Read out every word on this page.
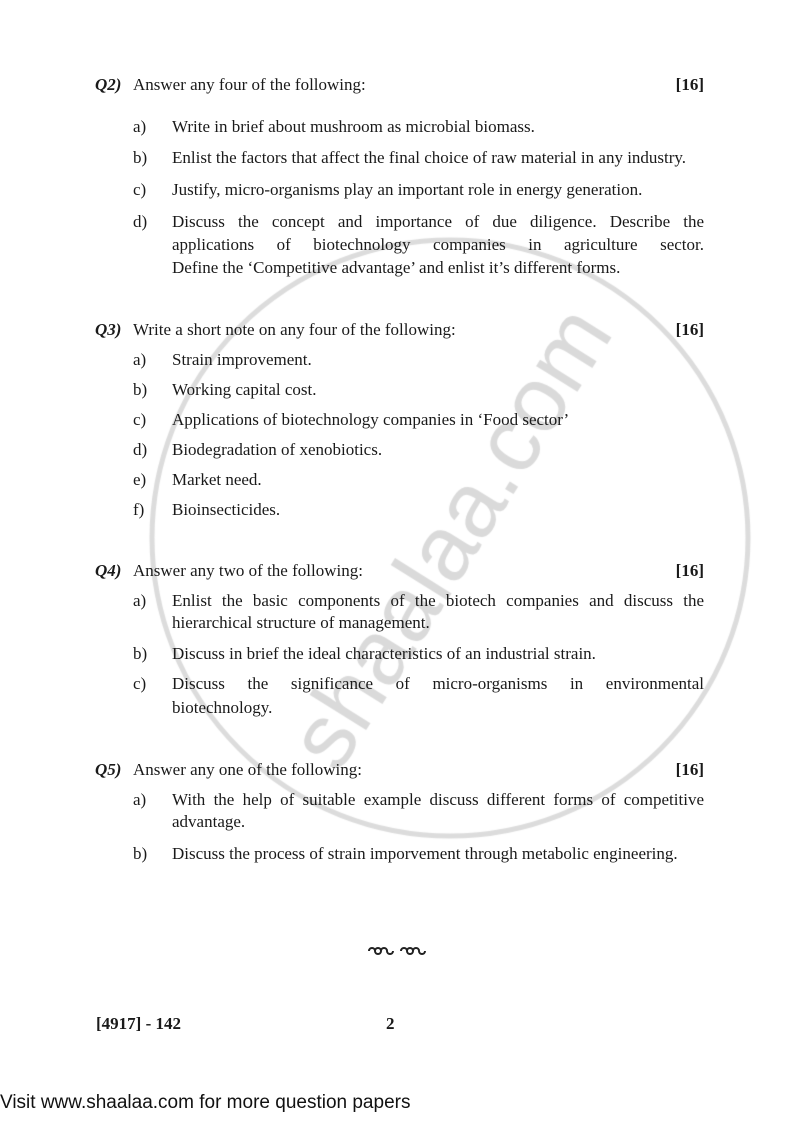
Q2) Answer any four of the following:	[16]
a) Write in brief about mushroom as microbial biomass.
b) Enlist the factors that affect the final choice of raw material in any industry.
c) Justify, micro-organisms play an important role in energy generation.
d) Discuss the concept and importance of due diligence. Describe the
applications of biotechnology companies in agriculture sector.
Define the ‘Competitive advantage’ and enlist it’s different forms.
Q3) Write a short note on any four of the following:	[16]
a) Strain improvement.
b) Working capital cost.
c) Applications of biotechnology companies in ‘Food sector’
d) Biodegradation of xenobiotics.
e) Market need.
f) Bioinsecticides.
Q4) Answer any two of the following:	[16]
a) Enlist the basic components of the biotech companies and discuss the
hierarchical structure of management.
b) Discuss in brief the ideal characteristics of an industrial strain.
c) Discuss the significance of micro-organisms in environmental
biotechnology.
Q5) Answer any one of the following:	[16]
a) With the help of suitable example discuss different forms of competitive
advantage.
b) Discuss the process of strain imporvement through metabolic engineering.
[4917] - 142	2
Visit www.shaalaa.com for more question papers
